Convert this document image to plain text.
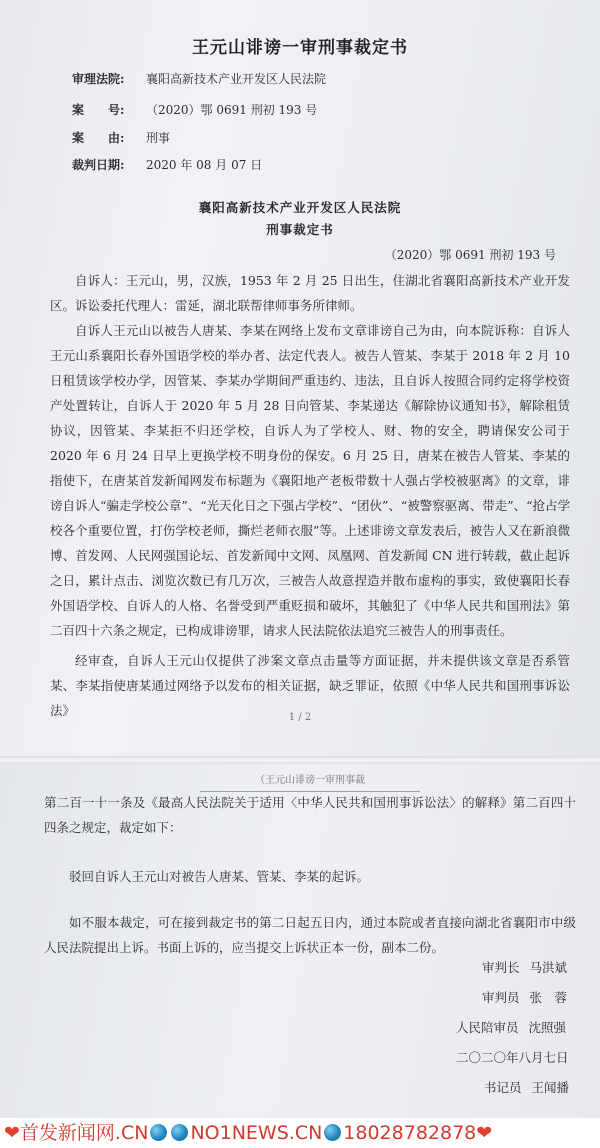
王元山诽谤一审刑事裁定书
审理法院: 襄阳高新技术产业开发区人民法院
案　　号: （2020）鄂 0691 刑初 193 号
案　　由: 刑事
裁判日期: 2020 年 08 月 07 日
襄阳高新技术产业开发区人民法院
刑事裁定书
（2020）鄂 0691 刑初 193 号

自诉人：王元山，男，汉族，1953 年 2 月 25 日出生，住湖北省襄阳高新技术产业开发区。诉讼委托代理人：雷延，湖北联帮律师事务所律师。

自诉人王元山以被告人唐某、李某在网络上发布文章诽谤自己为由，向本院诉称：自诉人王元山系襄阳长春外国语学校的举办者、法定代表人。被告人管某、李某于 2018 年 2 月 10 日租赁该学校办学，因管某、李某办学期间严重违约、违法，且自诉人按照合同约定将学校资产处置转让，自诉人于 2020 年 5 月 28 日向管某、李某递达《解除协议通知书》，解除租赁协议，因管某、李某拒不归还学校，自诉人为了学校人、财、物的安全，聘请保安公司于 2020 年 6 月 24 日早上更换学校不明身份的保安。6 月 25 日，唐某在被告人管某、李某的指使下，在唐某首发新闻网发布标题为《襄阳地产老板带数十人强占学校被驱离》的文章，诽谤自诉人“骗走学校公章”、“光天化日之下强占学校”、“团伙”、“被警察驱离、带走”、“抢占学校各个重要位置，打伤学校老师，撕烂老师衣服”等。上述诽谤文章发表后，被告人又在新浪微博、首发网、人民网强国论坛、首发新闻中文网、凤凰网、首发新闻 CN 进行转载，截止起诉之日，累计点击、浏览次数已有几万次，三被告人故意捏造并散布虚构的事实，致使襄阳长春外国语学校、自诉人的人格、名誉受到严重贬损和破坏，其触犯了《中华人民共和国刑法》第二百四十六条之规定，已构成诽谤罪，请求人民法院依法追究三被告人的刑事责任。

经审查，自诉人王元山仅提供了涉案文章点击量等方面证据，并未提供该文章是否系管某、李某指使唐某通过网络予以发布的相关证据，缺乏罪证，依照《中华人民共和国刑事诉讼法》	1 / 2
（王元山诽谤一审刑事裁

第二百一十一条及《最高人民法院关于适用〈中华人民共和国刑事诉讼法〉的解释》第二百四十四条之规定，裁定如下：

驳回自诉人王元山对被告人唐某、管某、李某的起诉。

如不服本裁定，可在接到裁定书的第二日起五日内，通过本院或者直接向湖北省襄阳市中级人民法院提出上诉。书面上诉的，应当提交上诉状正本一份，副本二份。

审判长 马洪斌
审判员 张　蓉
人民陪审员 沈照强
二〇二〇年八月七日
书记员 王闻播
❤首发新闻网.CN NO1NEWS.CN 18028782878❤
